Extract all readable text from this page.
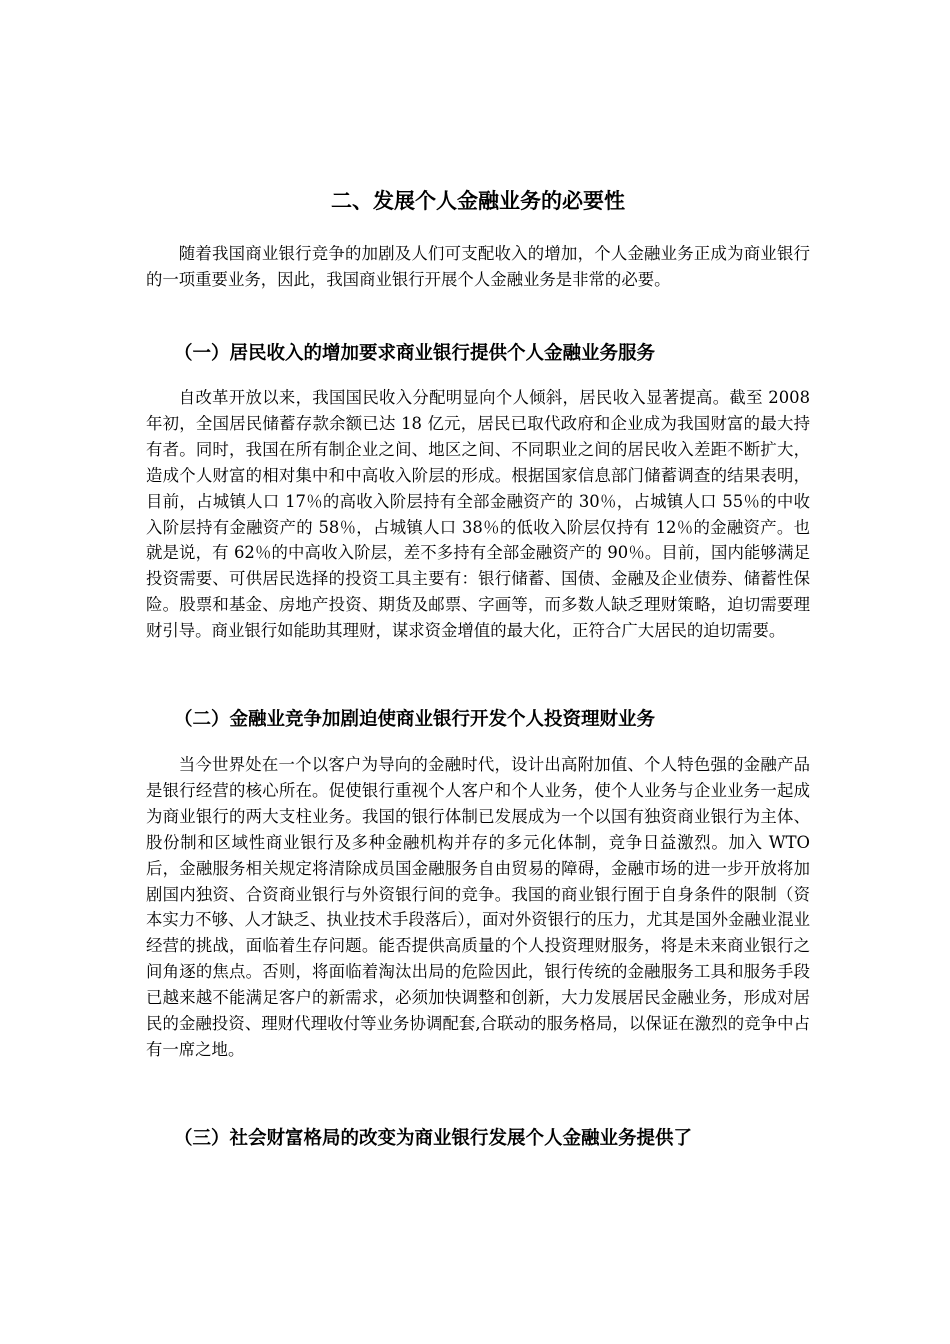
二、发展个人金融业务的必要性

随着我国商业银行竞争的加剧及人们可支配收入的增加，个人金融业务正成为商业银行的一项重要业务，因此，我国商业银行开展个人金融业务是非常的必要。

（一）居民收入的增加要求商业银行提供个人金融业务服务

自改革开放以来，我国国民收入分配明显向个人倾斜，居民收入显著提高。截至 2008 年初，全国居民储蓄存款余额已达 18 亿元，居民已取代政府和企业成为我国财富的最大持有者。同时，我国在所有制企业之间、地区之间、不同职业之间的居民收入差距不断扩大，造成个人财富的相对集中和中高收入阶层的形成。根据国家信息部门储蓄调查的结果表明，目前，占城镇人口 17％的高收入阶层持有全部金融资产的 30％，占城镇人口 55％的中收入阶层持有金融资产的 58％，占城镇人口 38％的低收入阶层仅持有 12％的金融资产。也就是说，有 62％的中高收入阶层，差不多持有全部金融资产的 90％。目前，国内能够满足投资需要、可供居民选择的投资工具主要有：银行储蓄、国债、金融及企业债券、储蓄性保险。股票和基金、房地产投资、期货及邮票、字画等，而多数人缺乏理财策略，迫切需要理财引导。商业银行如能助其理财，谋求资金增值的最大化，正符合广大居民的迫切需要。

（二）金融业竞争加剧迫使商业银行开发个人投资理财业务

当今世界处在一个以客户为导向的金融时代，设计出高附加值、个人特色强的金融产品是银行经营的核心所在。促使银行重视个人客户和个人业务，使个人业务与企业业务一起成为商业银行的两大支柱业务。我国的银行体制已发展成为一个以国有独资商业银行为主体、股份制和区域性商业银行及多种金融机构并存的多元化体制，竞争日益激烈。加入 WTO 后，金融服务相关规定将清除成员国金融服务自由贸易的障碍，金融市场的进一步开放将加剧国内独资、合资商业银行与外资银行间的竞争。我国的商业银行囿于自身条件的限制（资本实力不够、人才缺乏、执业技术手段落后），面对外资银行的压力，尤其是国外金融业混业经营的挑战，面临着生存问题。能否提供高质量的个人投资理财服务，将是未来商业银行之间角逐的焦点。否则，将面临着淘汰出局的危险因此，银行传统的金融服务工具和服务手段已越来越不能满足客户的新需求，必须加快调整和创新，大力发展居民金融业务，形成对居民的金融投资、理财代理收付等业务协调配套,合联动的服务格局，以保证在激烈的竞争中占有一席之地。

（三）社会财富格局的改变为商业银行发展个人金融业务提供了
